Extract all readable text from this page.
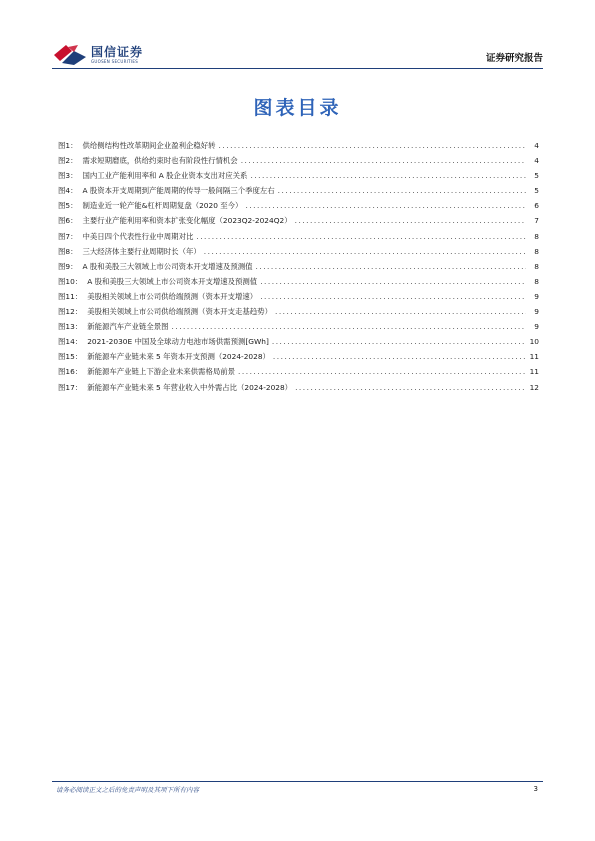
国信证券
GUOSEN SECURITIES	证券研究报告
图表目录
图1： 供给侧结构性改革期间企业盈利企稳好转 .....	4
图2： 需求短期磨底，供给约束时也有阶段性行情机会 .....	4
图3： 国内工业产能利用率和 A 股企业资本支出对应关系 .....	5
图4： A 股资本开支周期到产能周期的传导一般间隔三个季度左右 .....	5
图5： 制造业近一轮产能&杠杆周期复盘（2020 至今） .....	6
图6： 主要行业产能利用率和资本扩张变化幅度（2023Q2-2024Q2） .....	7
图7： 中美日四个代表性行业中周期对比 .....	8
图8： 三大经济体主要行业周期时长（年） .....	8
图9： A 股和美股三大领域上市公司资本开支增速及预测值 .....	8
图10： A 股和美股三大领域上市公司资本开支增速及预测值 .....	8
图11： 美股相关领域上市公司供给端预测（资本开支增速） .....	9
图12： 美股相关领域上市公司供给端预测（资本开支走基趋势） .....	9
图13： 新能源汽车产业链全景图 .....	9
图14： 2021-2030E 中国及全球动力电池市场供需预测[GWh] .....	10
图15： 新能源车产业链未来 5 年资本开支预测（2024-2028） .....	11
图16： 新能源车产业链上下游企业未来供需格局前景 .....	11
图17： 新能源车产业链未来 5 年营业收入中外需占比（2024-2028） .....	12
请务必阅读正文之后的免责声明及其项下所有内容	3
